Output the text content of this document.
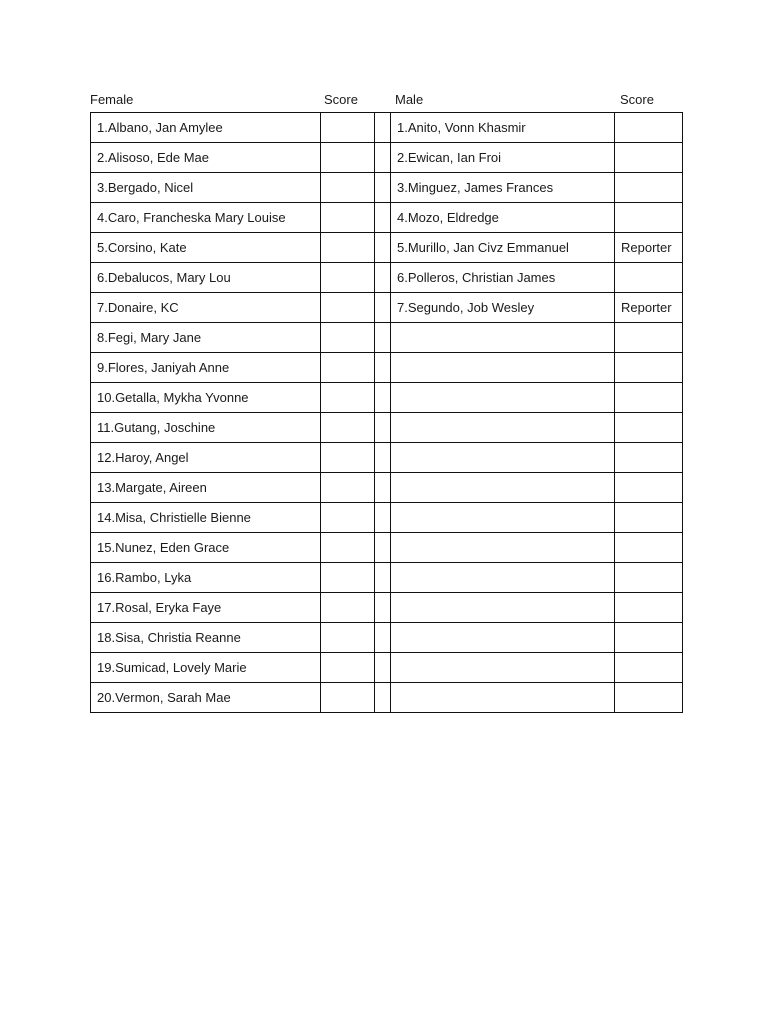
Female	Score	Male	Score
1.Albano, Jan Amylee			1.Anito, Vonn Khasmir	
2.Alisoso, Ede Mae			2.Ewican, Ian Froi	
3.Bergado, Nicel			3.Minguez, James Frances	
4.Caro, Francheska Mary Louise			4.Mozo, Eldredge	
5.Corsino, Kate			5.Murillo, Jan Civz Emmanuel	Reporter
6.Debalucos, Mary Lou			6.Polleros, Christian James	
7.Donaire, KC			7.Segundo, Job Wesley	Reporter
8.Fegi, Mary Jane				
9.Flores, Janiyah Anne				
10.Getalla, Mykha Yvonne				
11.Gutang, Joschine				
12.Haroy, Angel				
13.Margate, Aireen				
14.Misa, Christielle Bienne				
15.Nunez, Eden Grace				
16.Rambo, Lyka				
17.Rosal, Eryka Faye				
18.Sisa, Christia Reanne				
19.Sumicad, Lovely Marie				
20.Vermon, Sarah Mae				
